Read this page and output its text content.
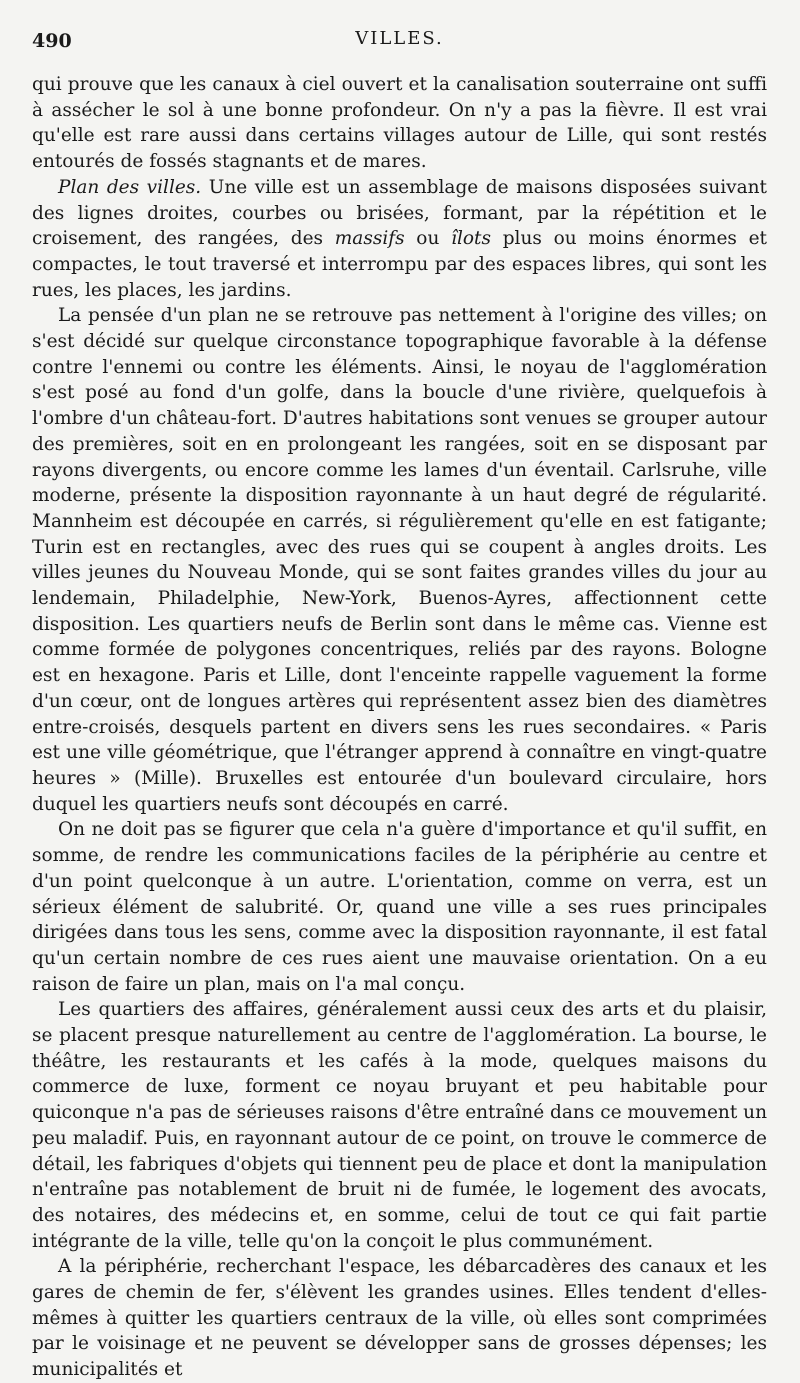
490	VILLES.

qui prouve que les canaux à ciel ouvert et la canalisation souterraine ont suffi à assécher le sol à une bonne profondeur. On n'y a pas la fièvre. Il est vrai qu'elle est rare aussi dans certains villages autour de Lille, qui sont restés entourés de fossés stagnants et de mares.

Plan des villes. Une ville est un assemblage de maisons disposées suivant des lignes droites, courbes ou brisées, formant, par la répétition et le croisement, des rangées, des massifs ou îlots plus ou moins énormes et compactes, le tout traversé et interrompu par des espaces libres, qui sont les rues, les places, les jardins.

La pensée d'un plan ne se retrouve pas nettement à l'origine des villes; on s'est décidé sur quelque circonstance topographique favorable à la défense contre l'ennemi ou contre les éléments. Ainsi, le noyau de l'agglomération s'est posé au fond d'un golfe, dans la boucle d'une rivière, quelquefois à l'ombre d'un château-fort. D'autres habitations sont venues se grouper autour des premières, soit en en prolongeant les rangées, soit en se disposant par rayons divergents, ou encore comme les lames d'un éventail. Carlsruhe, ville moderne, présente la disposition rayonnante à un haut degré de régularité. Mannheim est découpée en carrés, si régulièrement qu'elle en est fatigante; Turin est en rectangles, avec des rues qui se coupent à angles droits. Les villes jeunes du Nouveau Monde, qui se sont faites grandes villes du jour au lendemain, Philadelphie, New-York, Buenos-Ayres, affectionnent cette disposition. Les quartiers neufs de Berlin sont dans le même cas. Vienne est comme formée de polygones concentriques, reliés par des rayons. Bologne est en hexagone. Paris et Lille, dont l'enceinte rappelle vaguement la forme d'un cœur, ont de longues artères qui représentent assez bien des diamètres entre-croisés, desquels partent en divers sens les rues secondaires. « Paris est une ville géométrique, que l'étranger apprend à connaître en vingt-quatre heures » (Mille). Bruxelles est entourée d'un boulevard circulaire, hors duquel les quartiers neufs sont découpés en carré.

On ne doit pas se figurer que cela n'a guère d'importance et qu'il suffit, en somme, de rendre les communications faciles de la périphérie au centre et d'un point quelconque à un autre. L'orientation, comme on verra, est un sérieux élément de salubrité. Or, quand une ville a ses rues principales dirigées dans tous les sens, comme avec la disposition rayonnante, il est fatal qu'un certain nombre de ces rues aient une mauvaise orientation. On a eu raison de faire un plan, mais on l'a mal conçu.

Les quartiers des affaires, généralement aussi ceux des arts et du plaisir, se placent presque naturellement au centre de l'agglomération. La bourse, le théâtre, les restaurants et les cafés à la mode, quelques maisons du commerce de luxe, forment ce noyau bruyant et peu habitable pour quiconque n'a pas de sérieuses raisons d'être entraîné dans ce mouvement un peu maladif. Puis, en rayonnant autour de ce point, on trouve le commerce de détail, les fabriques d'objets qui tiennent peu de place et dont la manipulation n'entraîne pas notablement de bruit ni de fumée, le logement des avocats, des notaires, des médecins et, en somme, celui de tout ce qui fait partie intégrante de la ville, telle qu'on la conçoit le plus communément.

A la périphérie, recherchant l'espace, les débarcadères des canaux et les gares de chemin de fer, s'élèvent les grandes usines. Elles tendent d'elles-mêmes à quitter les quartiers centraux de la ville, où elles sont comprimées par le voisinage et ne peuvent se développer sans de grosses dépenses; les municipalités et
